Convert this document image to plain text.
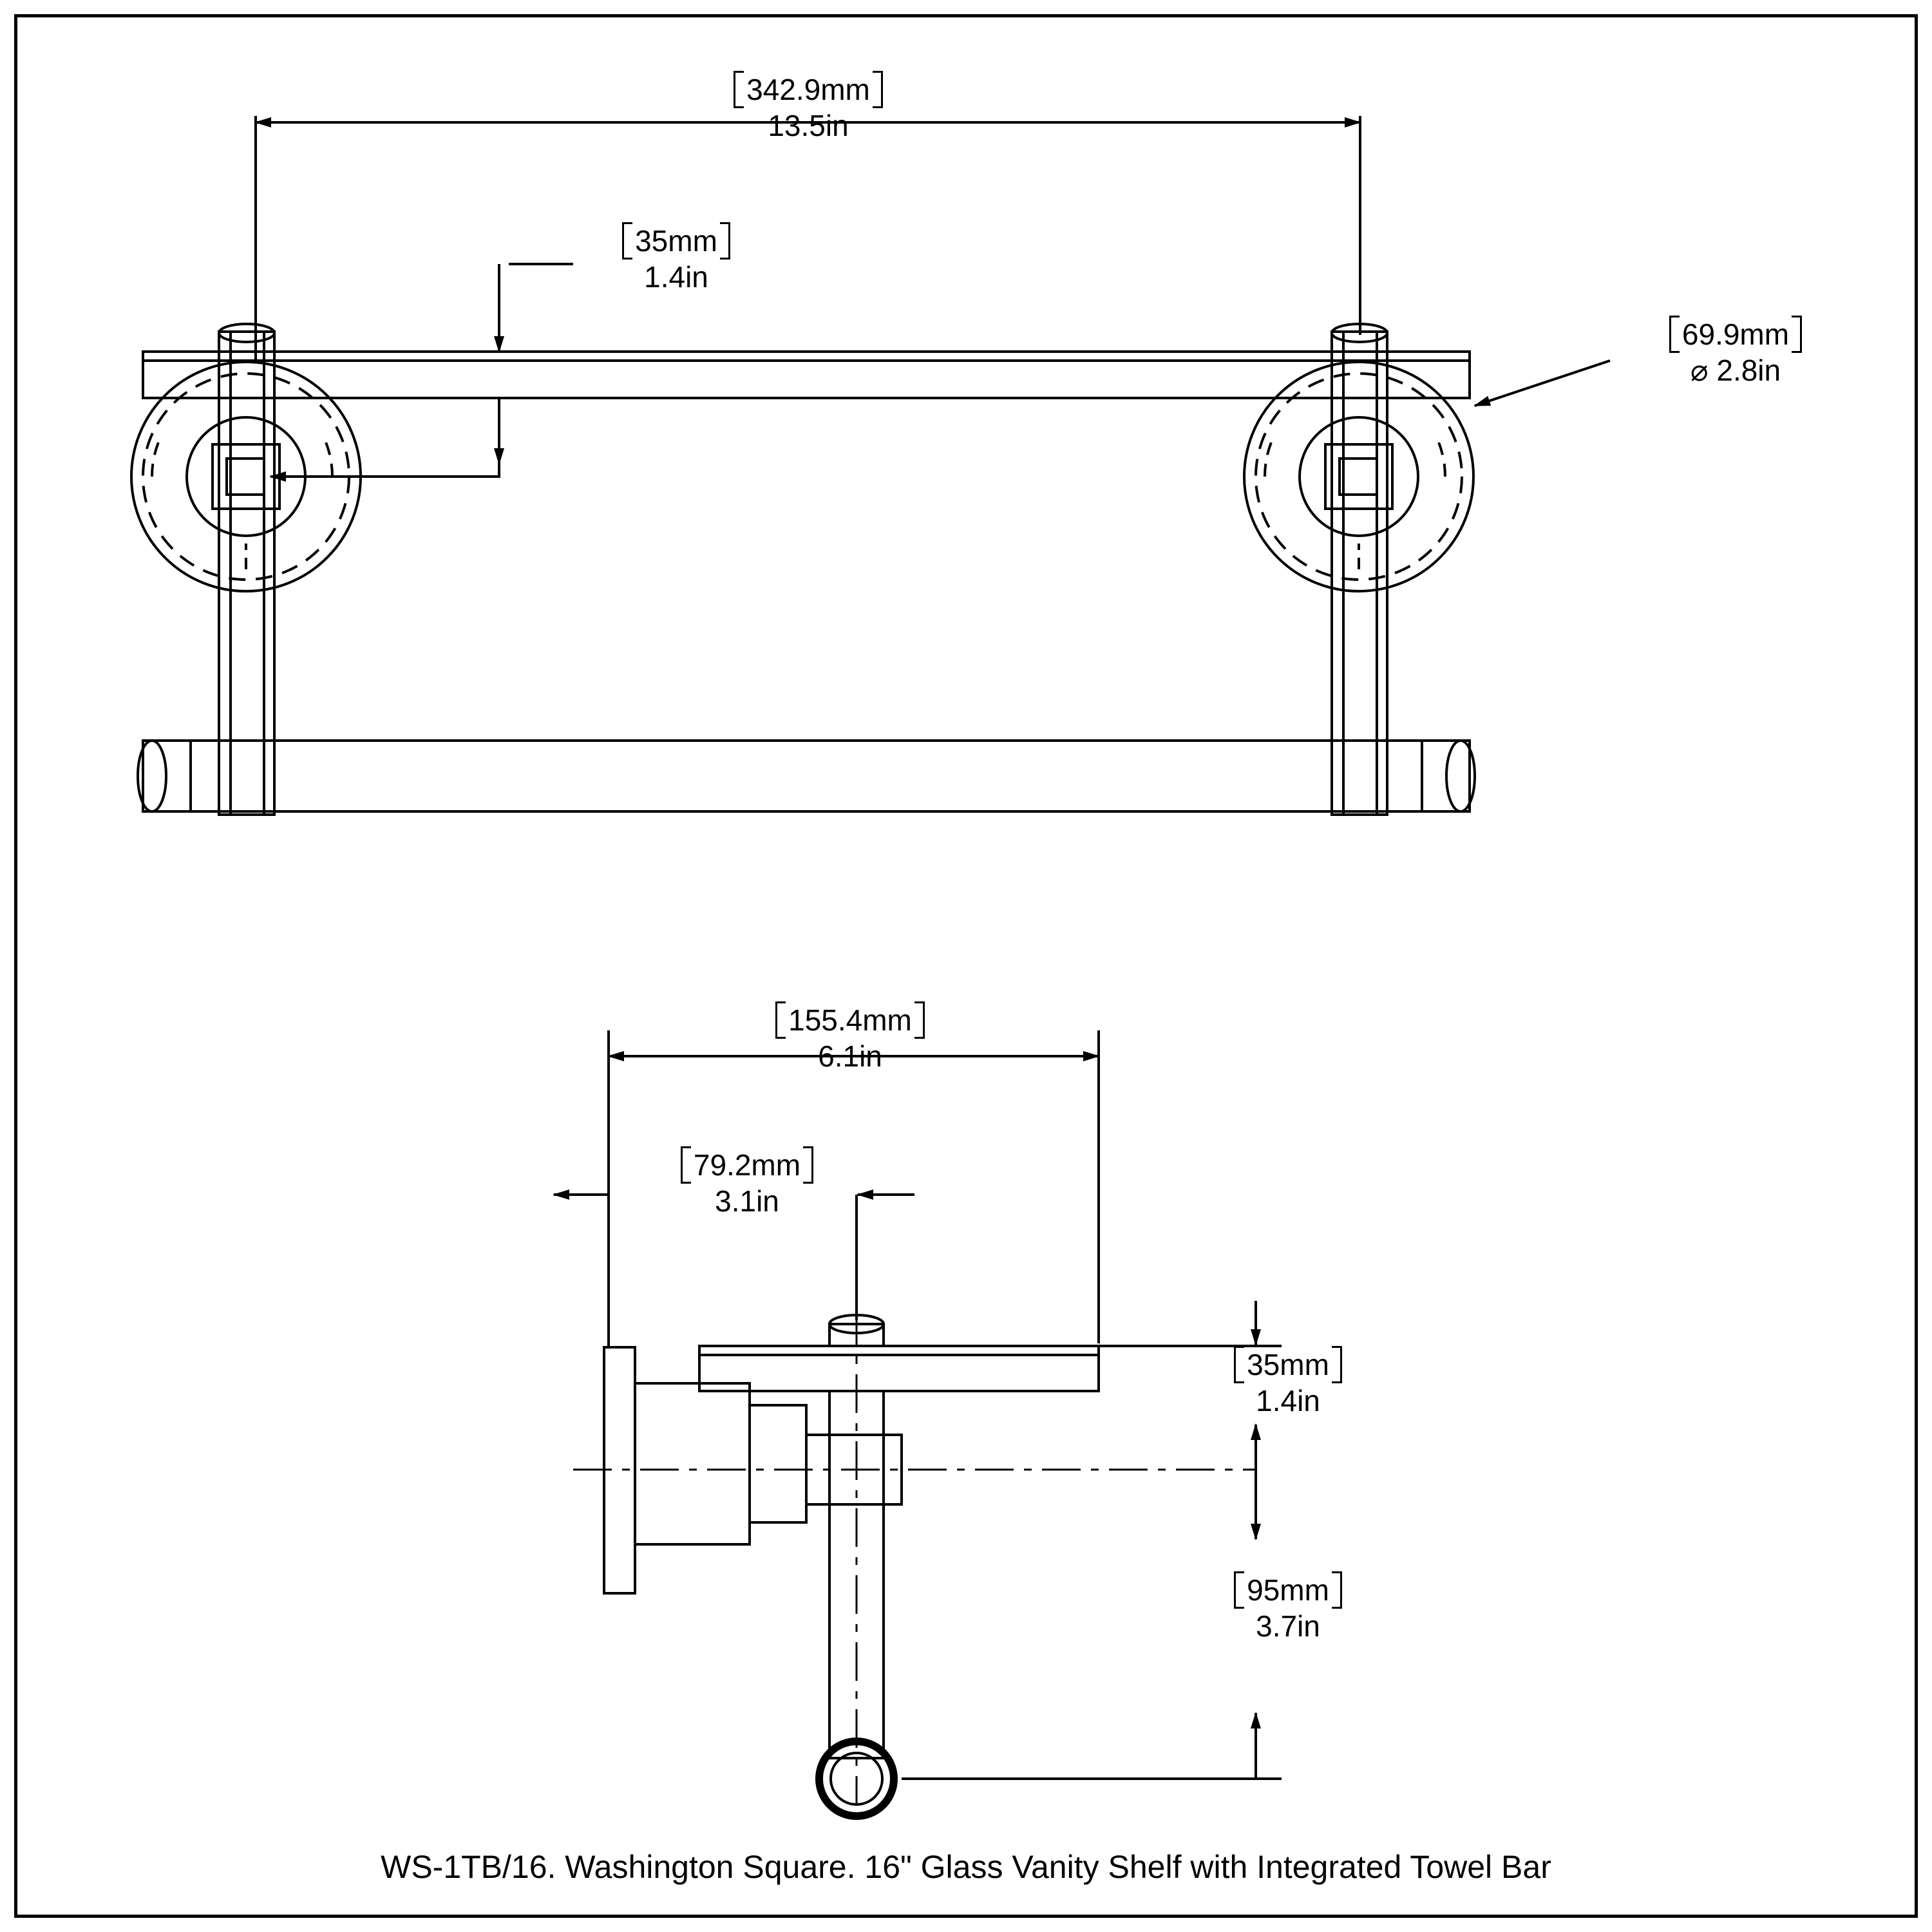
342.9mm
13.5in
35mm
1.4in
69.9mm
⌀ 2.8in
155.4mm
6.1in
79.2mm
3.1in
35mm
1.4in
95mm
3.7in
WS-1TB/16. Washington Square. 16" Glass Vanity Shelf with Integrated Towel Bar
